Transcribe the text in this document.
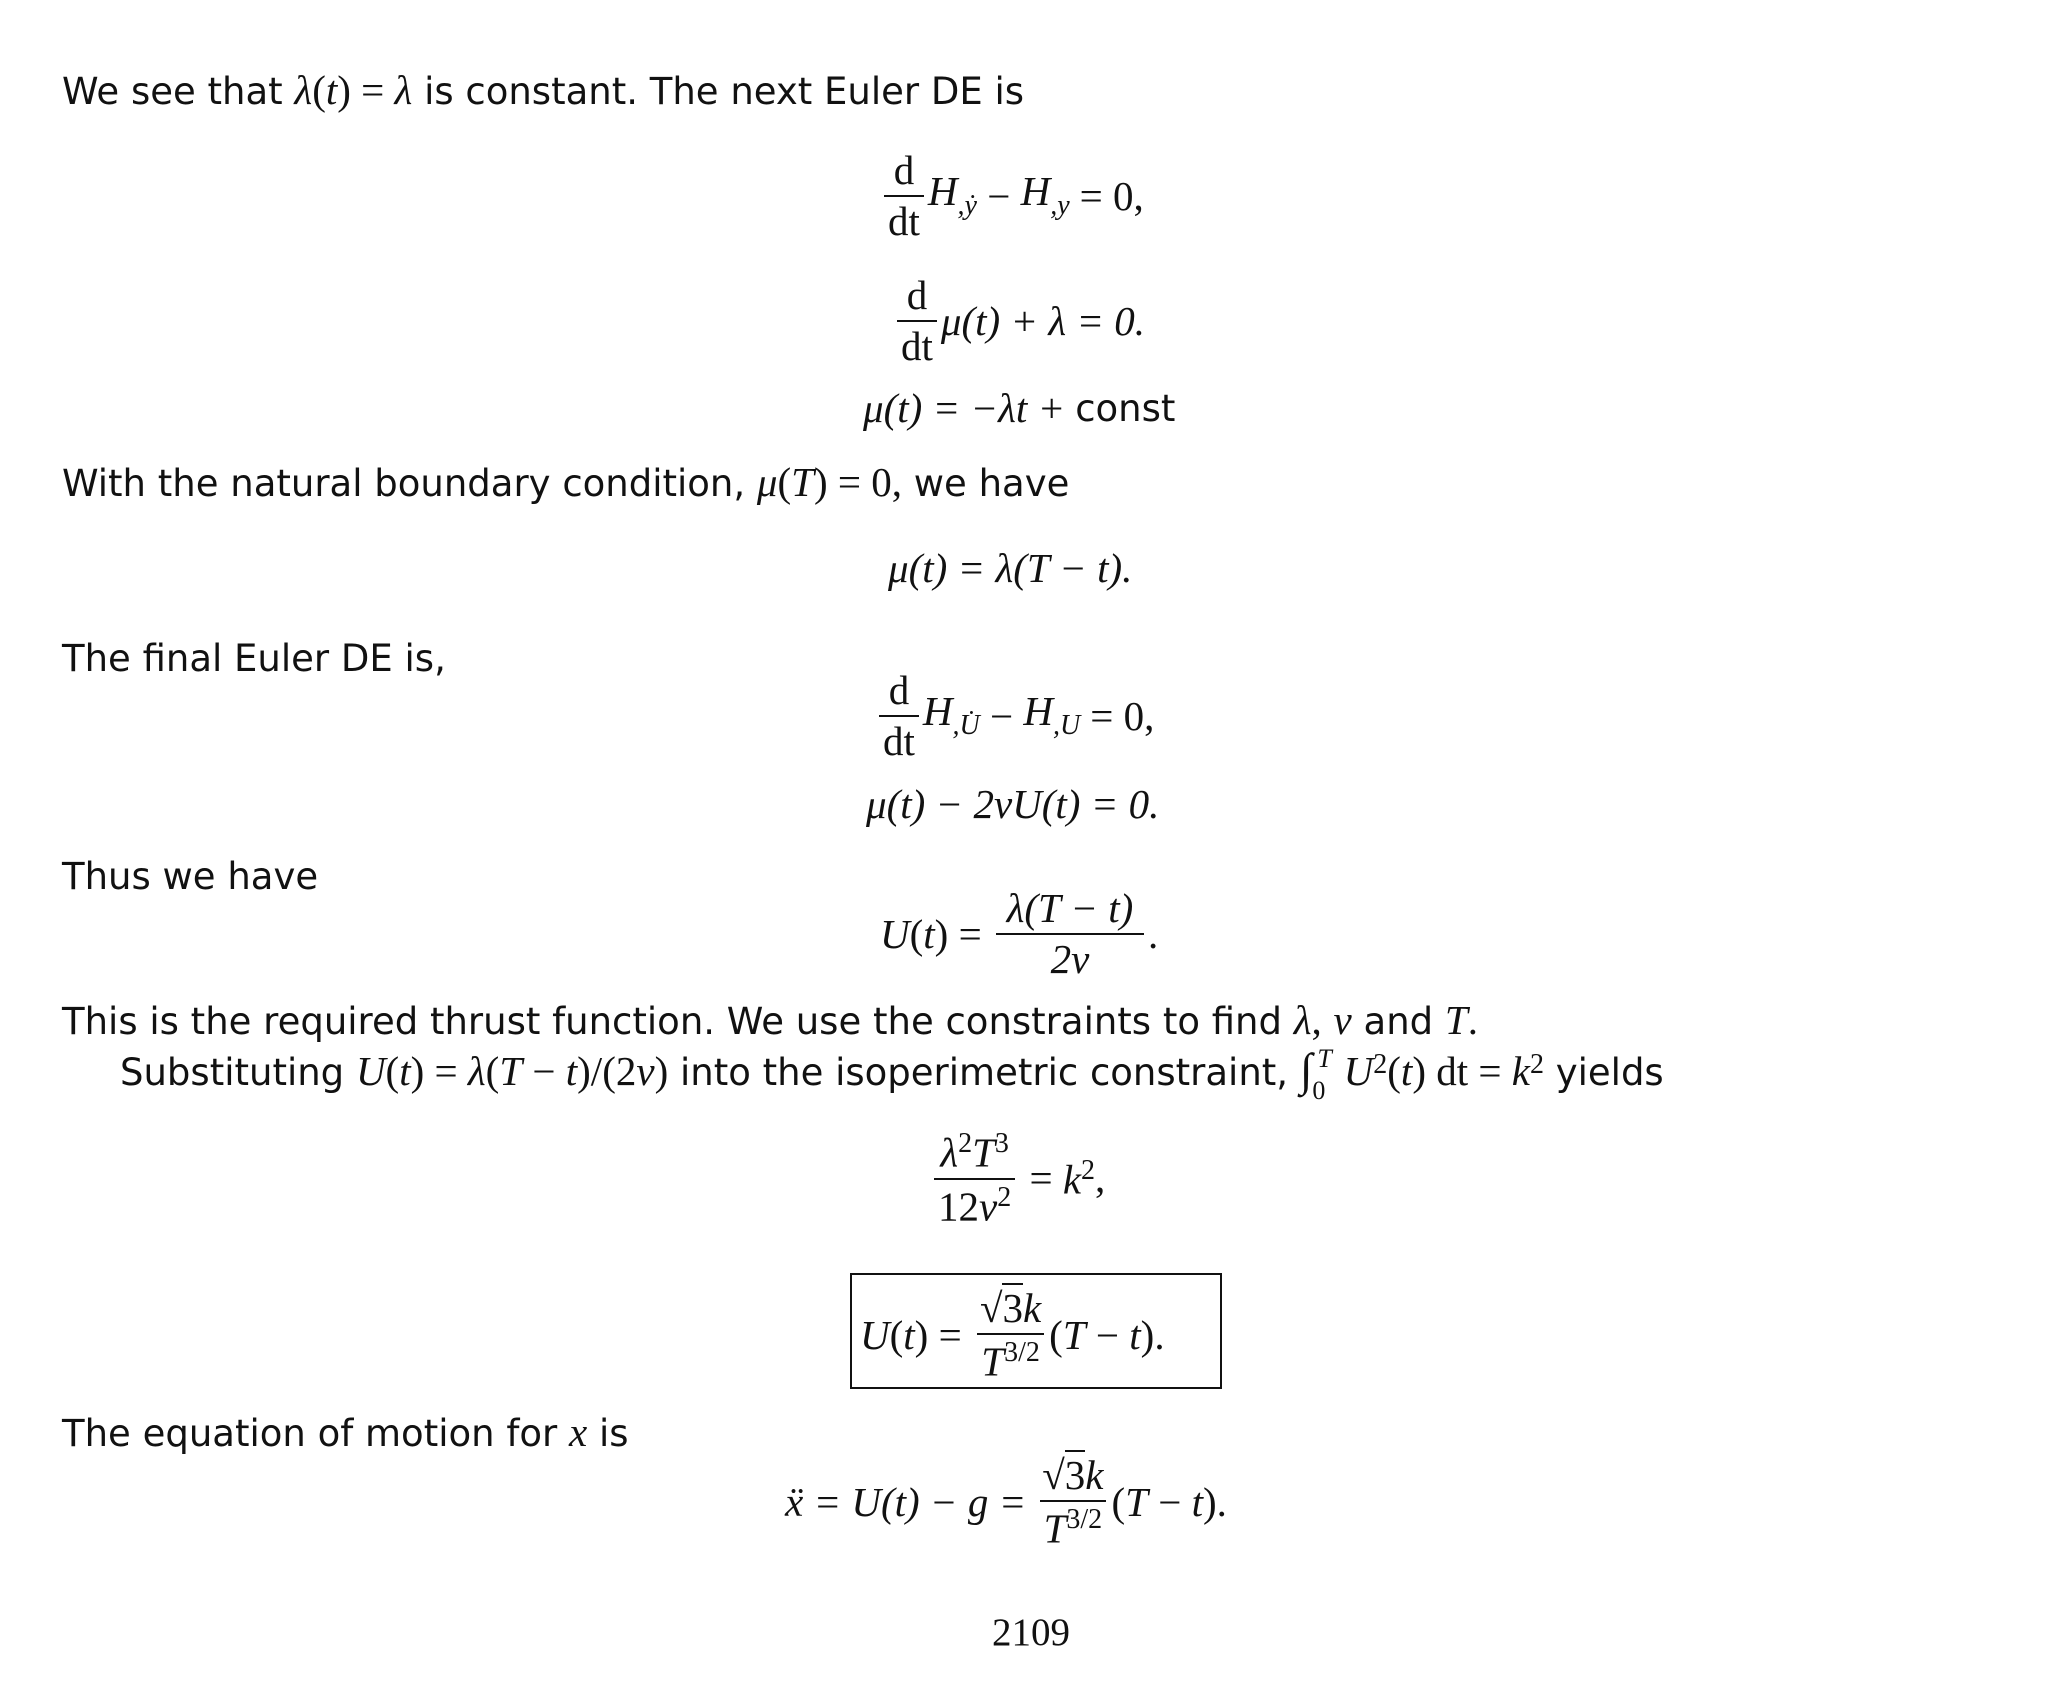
We see that λ(t) = λ is constant. The next Euler DE is
$\frac{d}{dt} H_{,ẏ} - H_{,y} = 0$,
$\frac{d}{dt} \mu(t) + \lambda = 0$.
μ(t) = −λt + const
With the natural boundary condition, μ(T) = 0, we have
μ(t) = λ(T − t).
The final Euler DE is,
$\frac{d}{dt} H_{,U̇} - H_{,U} = 0$,
μ(t) − 2νU(t) = 0.
Thus we have
U ( t ) = $\frac{\lambda(T - t)}{2\nu}$ .
This is the required thrust function. We use the constraints to find λ, ν and T.
Substituting U(t) = λ(T − t)/(2ν) into the isoperimetric constraint, $\int_0^T$ $U^2(t)$ dt = $k^2$ yields
$\frac{\lambda^2T^3}{12\nu^2} = k^2$ ,
U ( t ) = $\frac{√3k}{T^{3/2}}$ ( T − t ).
The equation of motion for x is
ẍ = $U(t) - g = \frac{√3k}{T^{3/2}}$ ( T − t ).
2109
